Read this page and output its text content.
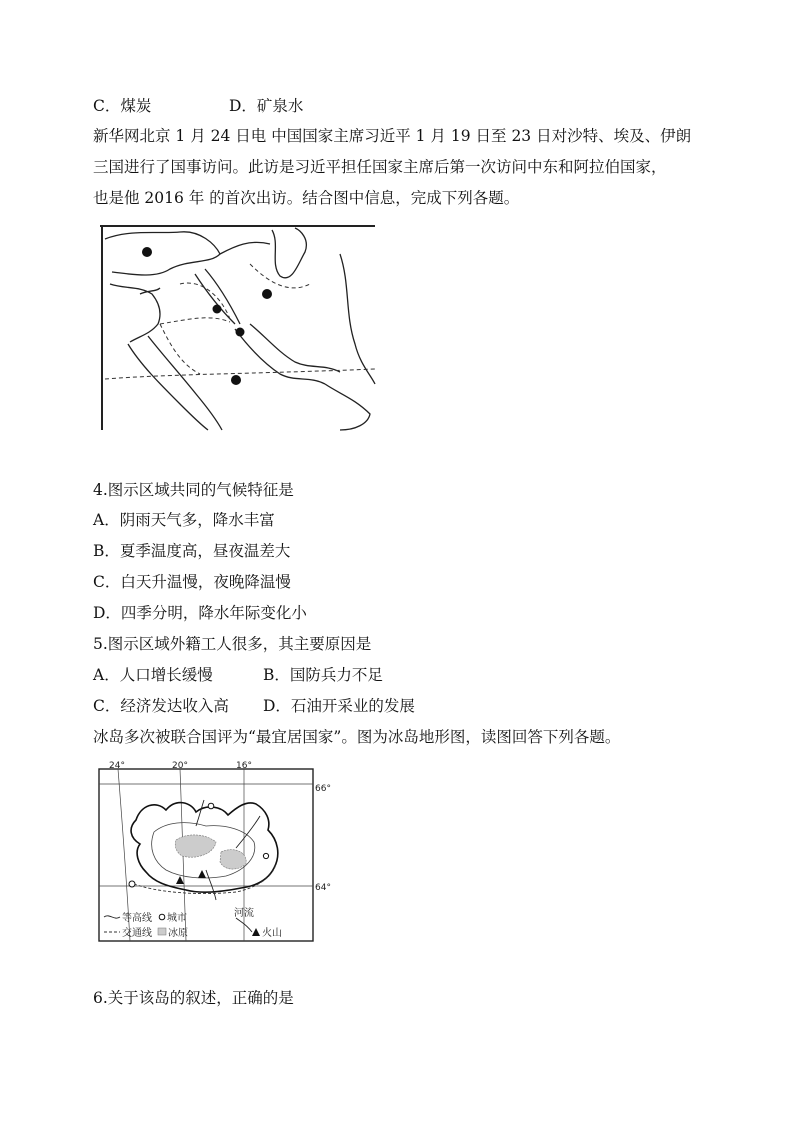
C．煤炭	D．矿泉水
新华网北京 1 月 24 日电 中国国家主席习近平 1 月 19 日至 23 日对沙特、埃及、伊朗
三国进行了国事访问。此访是习近平担任国家主席后第一次访问中东和阿拉伯国家，
也是他 2016 年 的首次出访。结合图中信息，完成下列各题。
4.图示区域共同的气候特征是
A．阴雨天气多，降水丰富
B．夏季温度高，昼夜温差大
C．白天升温慢，夜晚降温慢
D．四季分明，降水年际变化小
5.图示区域外籍工人很多，其主要原因是
A．人口增长缓慢	B．国防兵力不足
C．经济发达收入高 D．石油开采业的发展
冰岛多次被联合国评为“最宜居国家”。图为冰岛地形图，读图回答下列各题。
24°	20°	16°
66°
64°
等高线 城市	河流
交通线 冰原	火山
6.关于该岛的叙述，正确的是
